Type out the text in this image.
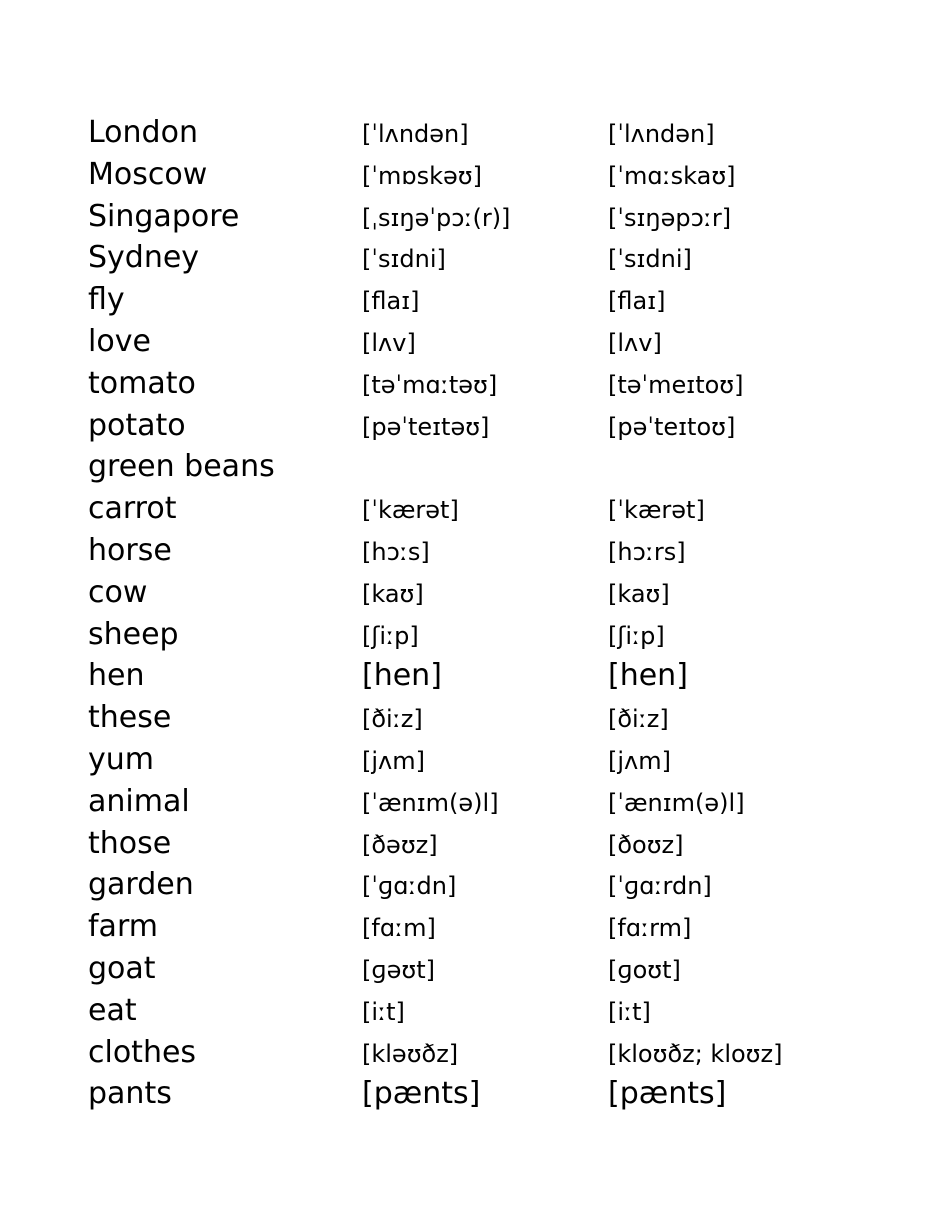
London	[ˈlʌndən]	[ˈlʌndən]
Moscow	[ˈmɒskəʊ]	[ˈmɑːskaʊ]
Singapore	[ˌsɪŋəˈpɔː(r)]	[ˈsɪŋəpɔːr]
Sydney	[ˈsɪdni]	[ˈsɪdni]
fly	[flaɪ]	[flaɪ]
love	[lʌv]	[lʌv]
tomato	[təˈmɑːtəʊ]	[təˈmeɪtoʊ]
potato	[pəˈteɪtəʊ]	[pəˈteɪtoʊ]
green beans
carrot	[ˈkærət]	[ˈkærət]
horse	[hɔːs]	[hɔːrs]
cow	[kaʊ]	[kaʊ]
sheep	[ʃiːp]	[ʃiːp]
hen	[hen]	[hen]
these	[ðiːz]	[ðiːz]
yum	[jʌm]	[jʌm]
animal	[ˈænɪm(ə)l]	[ˈænɪm(ə)l]
those	[ðəʊz]	[ðoʊz]
garden	[ˈɡɑːdn]	[ˈɡɑːrdn]
farm	[fɑːm]	[fɑːrm]
goat	[ɡəʊt]	[ɡoʊt]
eat	[iːt]	[iːt]
clothes	[kləʊðz]	[kloʊðz; kloʊz]
pants	[pænts]	[pænts]
